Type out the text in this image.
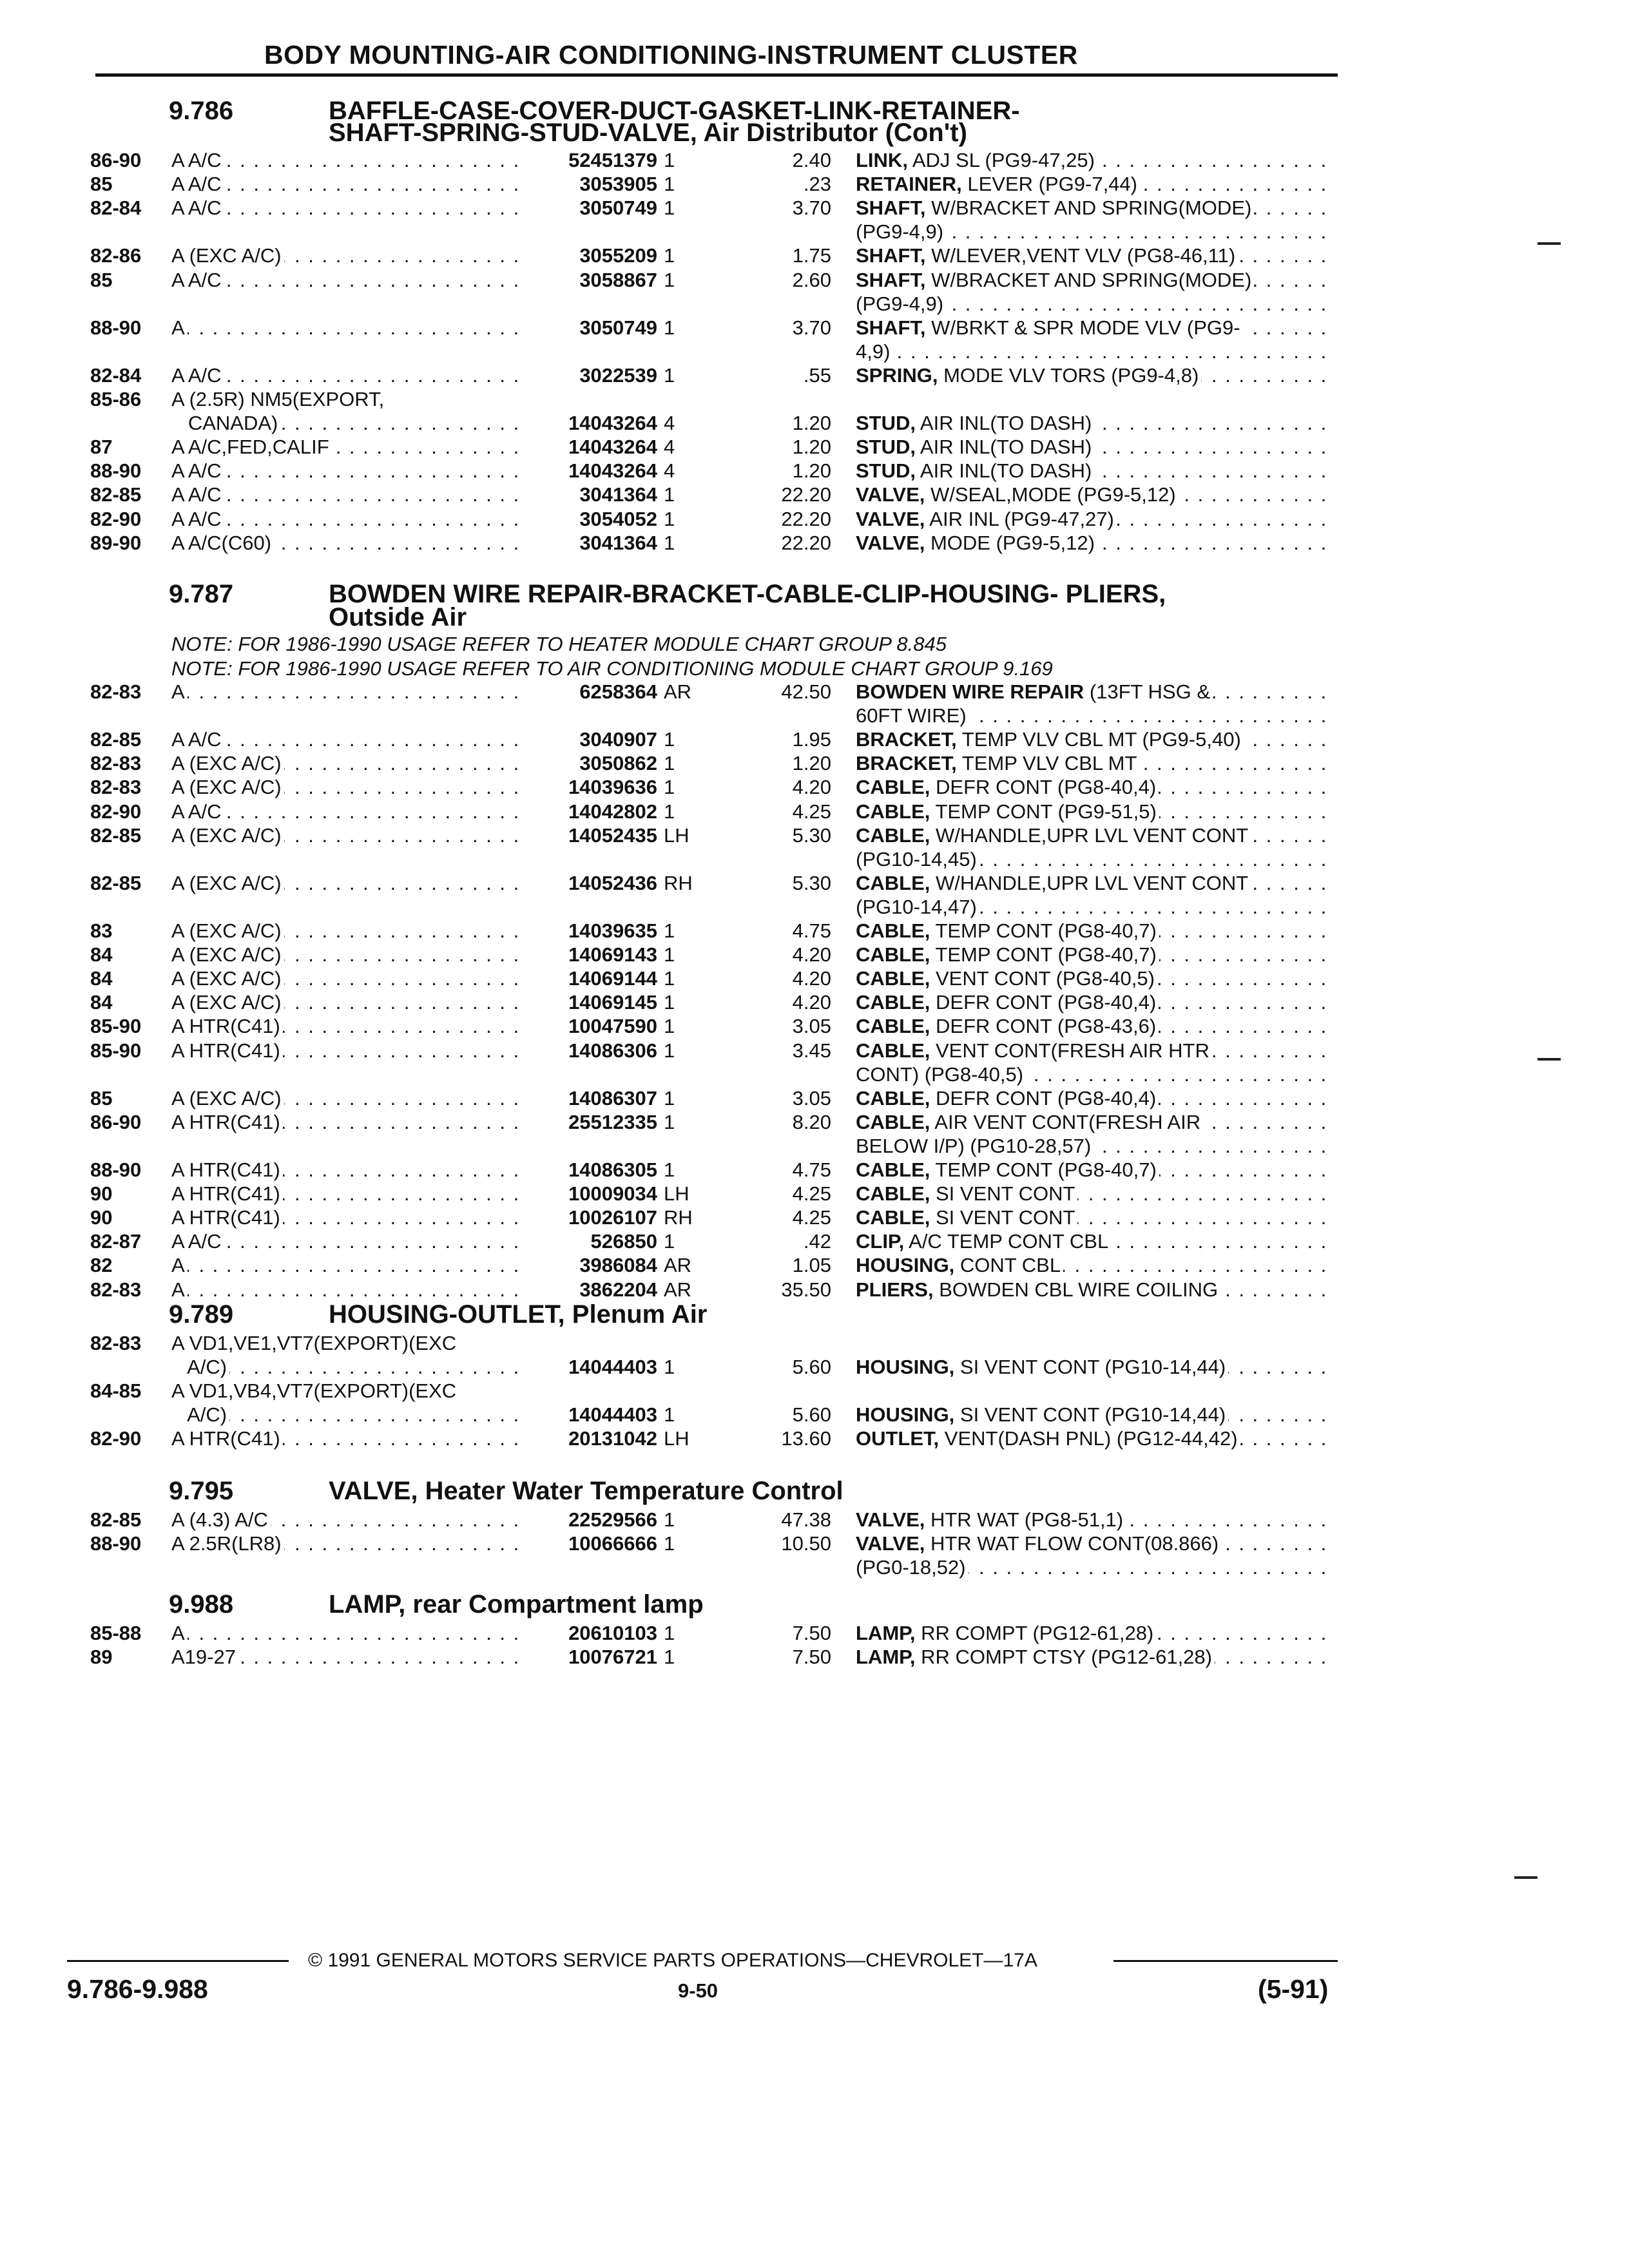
BODY MOUNTING-AIR CONDITIONING-INSTRUMENT CLUSTER
9.786	BAFFLE-CASE-COVER-DUCT-GASKET-LINK-RETAINER-
SHAFT-SPRING-STUD-VALVE, Air Distributor (Con't)
86-90	A A/C . . .	52451379 1	2.40 LINK, ADJ SL (PG9-47,25) . . .
85	A A/C . . .	3053905 1	.23 RETAINER, LEVER (PG9-7,44) . . .
82-84	A A/C . . .	3050749 1	3.70 SHAFT, W/BRACKET AND SPRING(MODE) . . .
(PG9-4,9) . . .
82-86	A (EXC A/C) . . .	3055209 1	1.75 SHAFT, W/LEVER,VENT VLV (PG8-46,11) . . .
85	A A/C . . .	3058867 1	2.60 SHAFT, W/BRACKET AND SPRING(MODE) . . .
(PG9-4,9) . . .
88-90	A . . .	3050749 1	3.70 SHAFT, W/BRKT & SPR MODE VLV (PG9- . . .
4,9) . . .
82-84	A A/C . . .	3022539 1	.55 SPRING, MODE VLV TORS (PG9-4,8) . . .
85-86	A (2.5R) NM5(EXPORT,
CANADA) . . .	14043264 4	1.20 STUD, AIR INL(TO DASH) . . .
87	A A/C,FED,CALIF . . .	14043264 4	1.20 STUD, AIR INL(TO DASH) . . .
88-90	A A/C . . .	14043264 4	1.20 STUD, AIR INL(TO DASH) . . .
82-85	A A/C . . .	3041364 1	22.20 VALVE, W/SEAL,MODE (PG9-5,12) . . .
82-90	A A/C . . .	3054052 1	22.20 VALVE, AIR INL (PG9-47,27) . . .
89-90	A A/C(C60) . . .	3041364 1	22.20 VALVE, MODE (PG9-5,12) . . .
9.787	BOWDEN WIRE REPAIR-BRACKET-CABLE-CLIP-HOUSING- PLIERS,
Outside Air
NOTE: FOR 1986-1990 USAGE REFER TO HEATER MODULE CHART GROUP 8.845
NOTE: FOR 1986-1990 USAGE REFER TO AIR CONDITIONING MODULE CHART GROUP 9.169
82-83	A . . .	6258364 AR	42.50 BOWDEN WIRE REPAIR (13FT HSG & . . .
60FT WIRE) . . .
82-85	A A/C . . .	3040907 1	1.95 BRACKET, TEMP VLV CBL MT (PG9-5,40) . . .
82-83	A (EXC A/C) . . .	3050862 1	1.20 BRACKET, TEMP VLV CBL MT . . .
82-83	A (EXC A/C) . . .	14039636 1	4.20 CABLE, DEFR CONT (PG8-40,4) . . .
82-90	A A/C . . .	14042802 1	4.25 CABLE, TEMP CONT (PG9-51,5) . . .
82-85	A (EXC A/C) . . .	14052435 LH	5.30 CABLE, W/HANDLE,UPR LVL VENT CONT . . .
(PG10-14,45) . . .
82-85	A (EXC A/C) . . .	14052436 RH	5.30 CABLE, W/HANDLE,UPR LVL VENT CONT . . .
(PG10-14,47) . . .
83	A (EXC A/C) . . .	14039635 1	4.75 CABLE, TEMP CONT (PG8-40,7) . . .
84	A (EXC A/C) . . .	14069143 1	4.20 CABLE, TEMP CONT (PG8-40,7) . . .
84	A (EXC A/C) . . .	14069144 1	4.20 CABLE, VENT CONT (PG8-40,5) . . .
84	A (EXC A/C) . . .	14069145 1	4.20 CABLE, DEFR CONT (PG8-40,4) . . .
85-90	A HTR(C41) . . .	10047590 1	3.05 CABLE, DEFR CONT (PG8-43,6) . . .
85-90	A HTR(C41) . . .	14086306 1	3.45 CABLE, VENT CONT(FRESH AIR HTR . . .
CONT) (PG8-40,5) . . .
85	A (EXC A/C) . . .	14086307 1	3.05 CABLE, DEFR CONT (PG8-40,4) . . .
86-90	A HTR(C41) . . .	25512335 1	8.20 CABLE, AIR VENT CONT(FRESH AIR . . .
BELOW I/P) (PG10-28,57) . . .
88-90	A HTR(C41) . . .	14086305 1	4.75 CABLE, TEMP CONT (PG8-40,7) . . .
90	A HTR(C41) . . .	10009034 LH	4.25 CABLE, SI VENT CONT . . .
90	A HTR(C41) . . .	10026107 RH	4.25 CABLE, SI VENT CONT . . .
82-87	A A/C . . .	526850 1	.42 CLIP, A/C TEMP CONT CBL . . .
82	A . . .	3986084 AR	1.05 HOUSING, CONT CBL . . .
82-83	A . . .	3862204 AR	35.50 PLIERS, BOWDEN CBL WIRE COILING . . .
9.789	HOUSING-OUTLET, Plenum Air
82-83	A VD1,VE1,VT7(EXPORT)(EXC
A/C) . . .	14044403 1	5.60 HOUSING, SI VENT CONT (PG10-14,44) . . .
84-85	A VD1,VB4,VT7(EXPORT)(EXC
A/C) . . .	14044403 1	5.60 HOUSING, SI VENT CONT (PG10-14,44) . . .
82-90	A HTR(C41) . . .	20131042 LH	13.60 OUTLET, VENT(DASH PNL) (PG12-44,42) . . .
9.795	VALVE, Heater Water Temperature Control
82-85	A (4.3) A/C . . .	22529566 1	47.38 VALVE, HTR WAT (PG8-51,1) . . .
88-90	A 2.5R(LR8) . . .	10066666 1	10.50 VALVE, HTR WAT FLOW CONT(08.866) . . .
(PG0-18,52) . . .
9.988	LAMP, rear Compartment lamp
85-88	A . . .	20610103 1	7.50 LAMP, RR COMPT (PG12-61,28) . . .
89	A19-27 . . .	10076721 1	7.50 LAMP, RR COMPT CTSY (PG12-61,28) . . .
© 1991 GENERAL MOTORS SERVICE PARTS OPERATIONS—CHEVROLET—17A
9.786-9.988	9-50	(5-91)
